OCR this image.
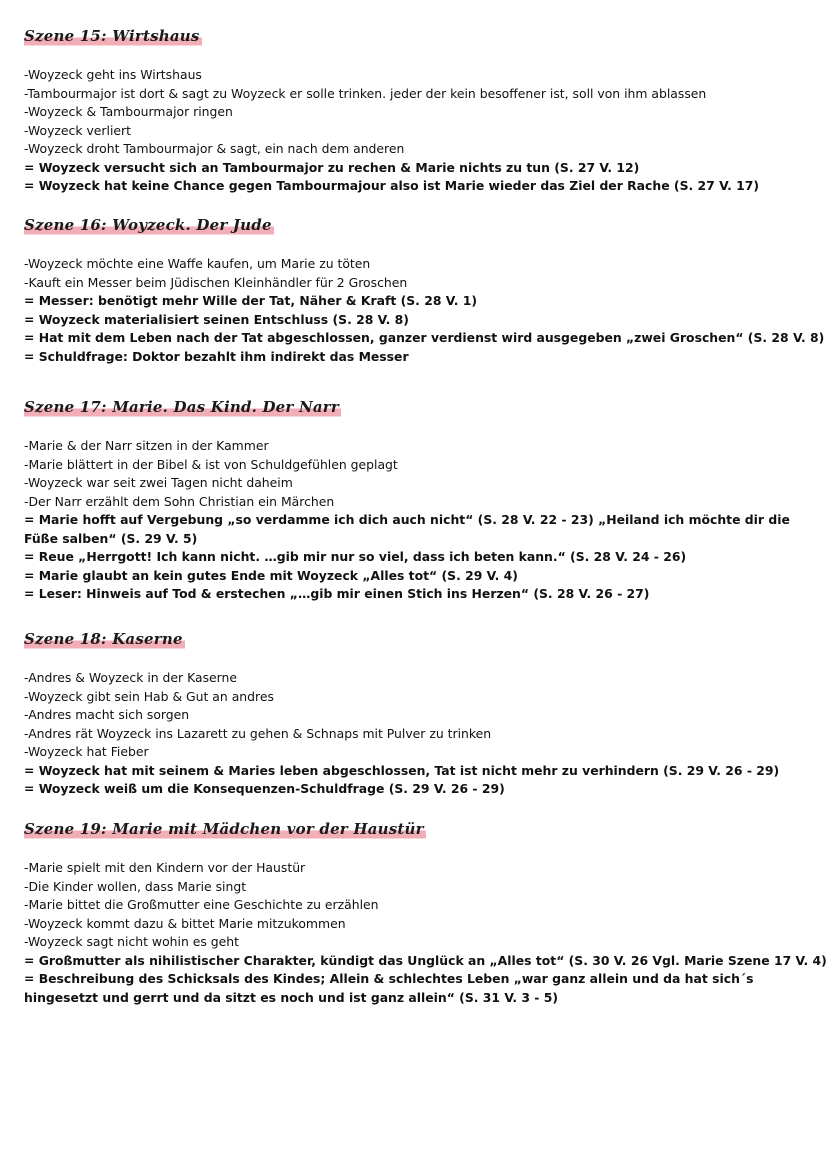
Szene 15: Wirtshaus
-Woyzeck geht ins Wirtshaus
-Tambourmajor ist dort & sagt zu Woyzeck er solle trinken. jeder der kein besoffener ist, soll von ihm ablassen
-Woyzeck & Tambourmajor ringen
-Woyzeck verliert
-Woyzeck droht Tambourmajor & sagt, ein nach dem anderen
= Woyzeck versucht sich an Tambourmajor zu rechen & Marie nichts zu tun (S. 27 V. 12)
= Woyzeck hat keine Chance gegen Tambourmajour also ist Marie wieder das Ziel der Rache (S. 27 V. 17)
Szene 16: Woyzeck. Der Jude
-Woyzeck möchte eine Waffe kaufen, um Marie zu töten
-Kauft ein Messer beim Jüdischen Kleinhändler für 2 Groschen
= Messer: benötigt mehr Wille der Tat, Näher & Kraft (S. 28 V. 1)
= Woyzeck materialisiert seinen Entschluss (S. 28 V. 8)
= Hat mit dem Leben nach der Tat abgeschlossen, ganzer verdienst wird ausgegeben „zwei Groschen“ (S. 28 V. 8)
= Schuldfrage: Doktor bezahlt ihm indirekt das Messer
Szene 17: Marie. Das Kind. Der Narr
-Marie & der Narr sitzen in der Kammer
-Marie blättert in der Bibel & ist von Schuldgefühlen geplagt
-Woyzeck war seit zwei Tagen nicht daheim
-Der Narr erzählt dem Sohn Christian ein Märchen
= Marie hofft auf Vergebung „so verdamme ich dich auch nicht“ (S. 28 V. 22 - 23) „Heiland ich möchte dir die Füße salben“ (S. 29 V. 5)
= Reue „Herrgott! Ich kann nicht. …gib mir nur so viel, dass ich beten kann.“ (S. 28 V. 24 - 26)
= Marie glaubt an kein gutes Ende mit Woyzeck „Alles tot“ (S. 29 V. 4)
= Leser: Hinweis auf Tod & erstechen „…gib mir einen Stich ins Herzen“ (S. 28 V. 26 - 27)
Szene 18: Kaserne
-Andres & Woyzeck in der Kaserne
-Woyzeck gibt sein Hab & Gut an andres
-Andres macht sich sorgen
-Andres rät Woyzeck ins Lazarett zu gehen & Schnaps mit Pulver zu trinken
-Woyzeck hat Fieber
= Woyzeck hat mit seinem & Maries leben abgeschlossen, Tat ist nicht mehr zu verhindern (S. 29 V. 26 - 29)
= Woyzeck weiß um die Konsequenzen-Schuldfrage (S. 29 V. 26 - 29)
Szene 19: Marie mit Mädchen vor der Haustür
-Marie spielt mit den Kindern vor der Haustür
-Die Kinder wollen, dass Marie singt
-Marie bittet die Großmutter eine Geschichte zu erzählen
-Woyzeck kommt dazu & bittet Marie mitzukommen
-Woyzeck sagt nicht wohin es geht
= Großmutter als nihilistischer Charakter, kündigt das Unglück an „Alles tot“ (S. 30 V. 26 Vgl. Marie Szene 17 V. 4)
= Beschreibung des Schicksals des Kindes; Allein & schlechtes Leben „war ganz allein und da hat sich´s hingesetzt und gerrt und da sitzt es noch und ist ganz allein“ (S. 31 V. 3 - 5)
